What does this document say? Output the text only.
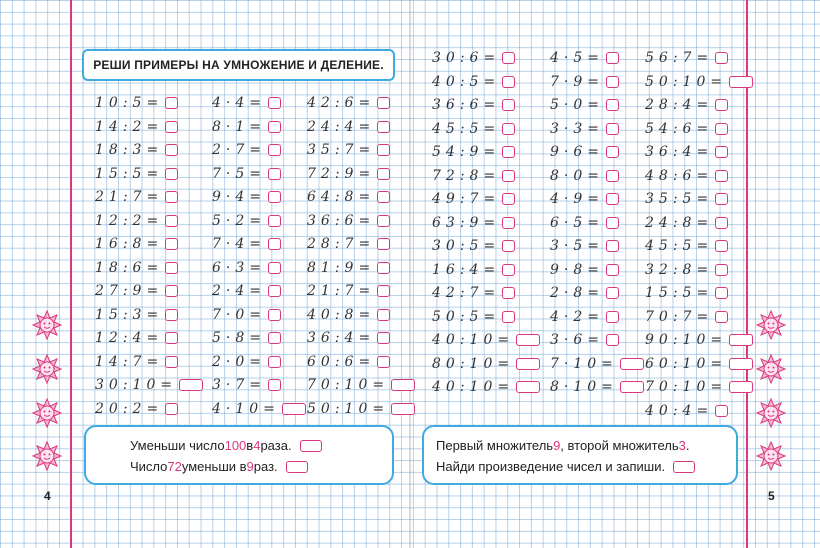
РЕШИ ПРИМЕРЫ НА УМНОЖЕНИЕ И ДЕЛЕНИЕ.
10:5=
14:2=
18:3=
15:5=
21:7=
12:2=
16:8=
18:6=
27:9=
15:3=
12:4=
14:7=
30:10=
20:2=
4·4=
8·1=
2·7=
7·5=
9·4=
5·2=
7·4=
6·3=
2·4=
7·0=
5·8=
2·0=
3·7=
4·10=
42:6=
24:4=
35:7=
72:9=
64:8=
36:6=
28:7=
81:9=
21:7=
40:8=
36:4=
60:6=
70:10=
50:10=
30:6=
40:5=
36:6=
45:5=
54:9=
72:8=
49:7=
63:9=
30:5=
16:4=
42:7=
50:5=
40:10=
80:10=
40:10=
4·5=
7·9=
5·0=
3·3=
9·6=
8·0=
4·9=
6·5=
3·5=
9·8=
2·8=
4·2=
3·6=
7·10=
8·10=
56:7=
50:10=
28:4=
54:6=
36:4=
48:6=
35:5=
24:8=
45:5=
32:8=
15:5=
70:7=
90:10=
60:10=
70:10=
40:4=
Уменьши число 100 в 4 раза.
Число 72 уменьши в 9 раз.
Первый множитель 9 , второй множитель 3 .
Найди произведение чисел и запиши.
4	5
